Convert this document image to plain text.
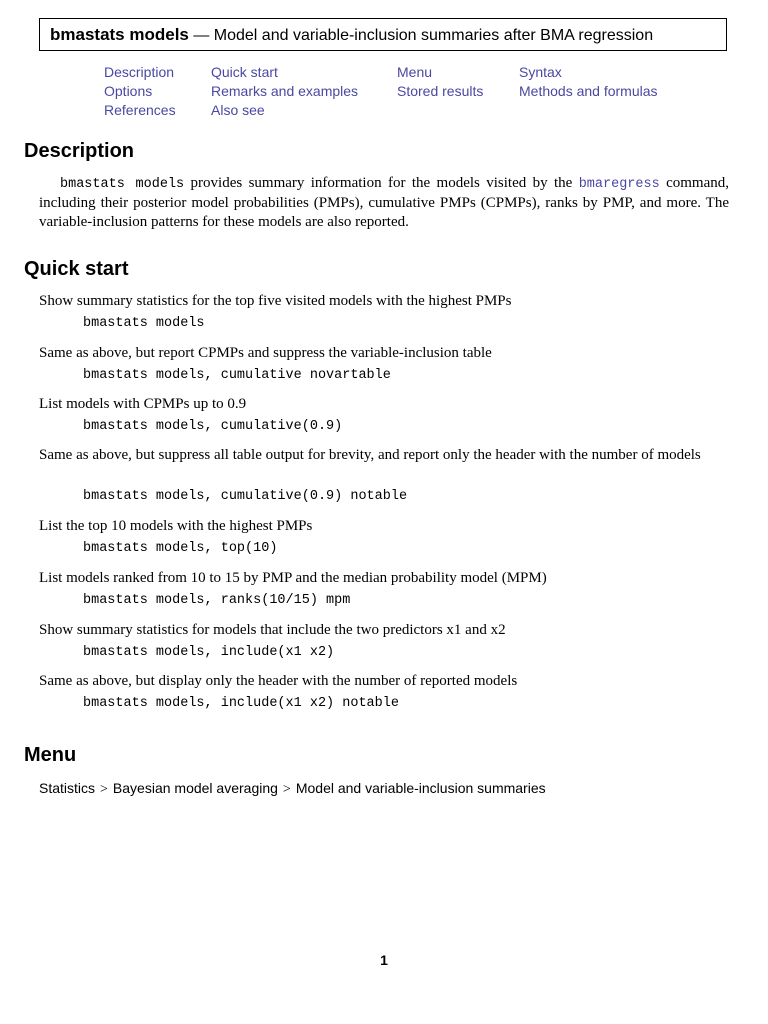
bmastats models — Model and variable-inclusion summaries after BMA regression
Description
Options
References
Quick start
Remarks and examples
Also see
Menu
Stored results
Syntax
Methods and formulas
Description
bmastats models provides summary information for the models visited by the bmaregress command, including their posterior model probabilities (PMPs), cumulative PMPs (CPMPs), ranks by PMP, and more. The variable-inclusion patterns for these models are also reported.
Quick start
Show summary statistics for the top five visited models with the highest PMPs
bmastats models
Same as above, but report CPMPs and suppress the variable-inclusion table
bmastats models, cumulative novartable
List models with CPMPs up to 0.9
bmastats models, cumulative(0.9)
Same as above, but suppress all table output for brevity, and report only the header with the number of models
bmastats models, cumulative(0.9) notable
List the top 10 models with the highest PMPs
bmastats models, top(10)
List models ranked from 10 to 15 by PMP and the median probability model (MPM)
bmastats models, ranks(10/15) mpm
Show summary statistics for models that include the two predictors x1 and x2
bmastats models, include(x1 x2)
Same as above, but display only the header with the number of reported models
bmastats models, include(x1 x2) notable
Menu
Statistics > Bayesian model averaging > Model and variable-inclusion summaries
1
